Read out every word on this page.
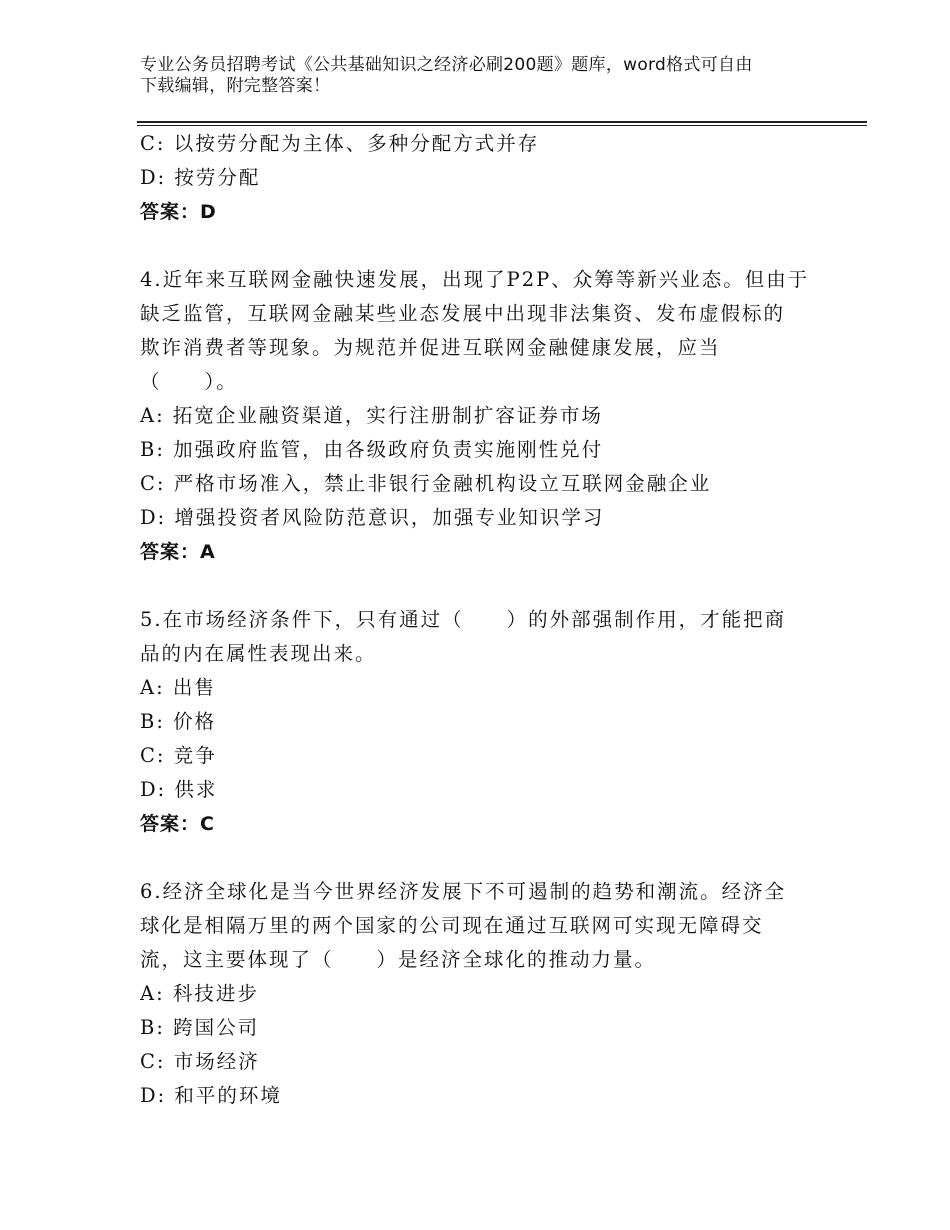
专业公务员招聘考试《公共基础知识之经济必刷200题》题库，word格式可自由
下载编辑，附完整答案！
C: 以按劳分配为主体、多种分配方式并存
D: 按劳分配
答案：D
4.近年来互联网金融快速发展，出现了P2P、众筹等新兴业态。但由于
缺乏监管，互联网金融某些业态发展中出现非法集资、发布虚假标的
欺诈消费者等现象。为规范并促进互联网金融健康发展，应当
（　　）。
A: 拓宽企业融资渠道，实行注册制扩容证券市场
B: 加强政府监管，由各级政府负责实施刚性兑付
C: 严格市场准入，禁止非银行金融机构设立互联网金融企业
D: 增强投资者风险防范意识，加强专业知识学习
答案：A
5.在市场经济条件下，只有通过（　　）的外部强制作用，才能把商
品的内在属性表现出来。
A: 出售
B: 价格
C: 竞争
D: 供求
答案：C
6.经济全球化是当今世界经济发展下不可遏制的趋势和潮流。经济全
球化是相隔万里的两个国家的公司现在通过互联网可实现无障碍交
流，这主要体现了（　　）是经济全球化的推动力量。
A: 科技进步
B: 跨国公司
C: 市场经济
D: 和平的环境
